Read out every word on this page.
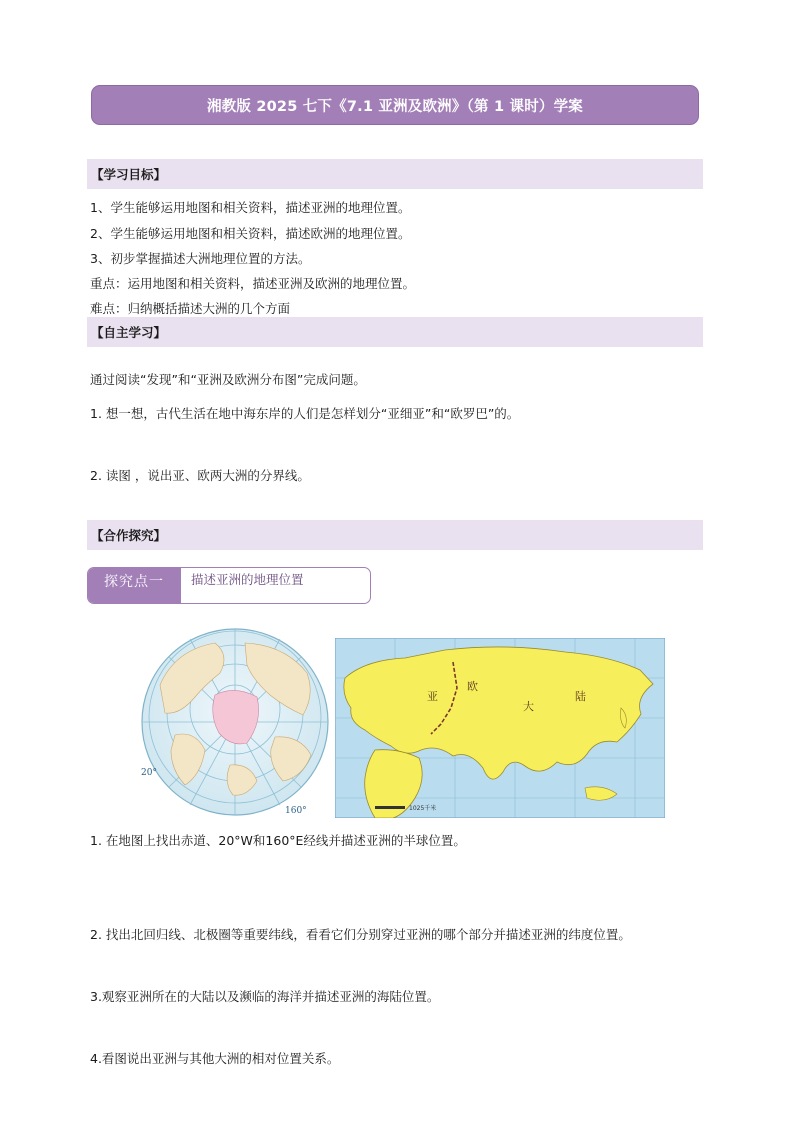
湘教版 2025 七下《7.1 亚洲及欧洲》（第 1 课时）学案
【学习目标】
1、学生能够运用地图和相关资料，描述亚洲的地理位置。
2、学生能够运用地图和相关资料，描述欧洲的地理位置。
3、初步掌握描述大洲地理位置的方法。
重点：运用地图和相关资料，描述亚洲及欧洲的地理位置。
难点：归纳概括描述大洲的几个方面
【自主学习】
通过阅读“发现”和“亚洲及欧洲分布图”完成问题。
1. 想一想，古代生活在地中海东岸的人们是怎样划分“亚细亚”和“欧罗巴”的。
2. 读图 ，说出亚、欧两大洲的分界线。
【合作探究】
探究点一	描述亚洲的地理位置
20°
160°
欧
亚
大
陆
1025千米
1. 在地图上找出赤道、20°W和160°E经线并描述亚洲的半球位置。
2. 找出北回归线、北极圈等重要纬线，看看它们分别穿过亚洲的哪个部分并描述亚洲的纬度位置。
3.观察亚洲所在的大陆以及濒临的海洋并描述亚洲的海陆位置。
4.看图说出亚洲与其他大洲的相对位置关系。
